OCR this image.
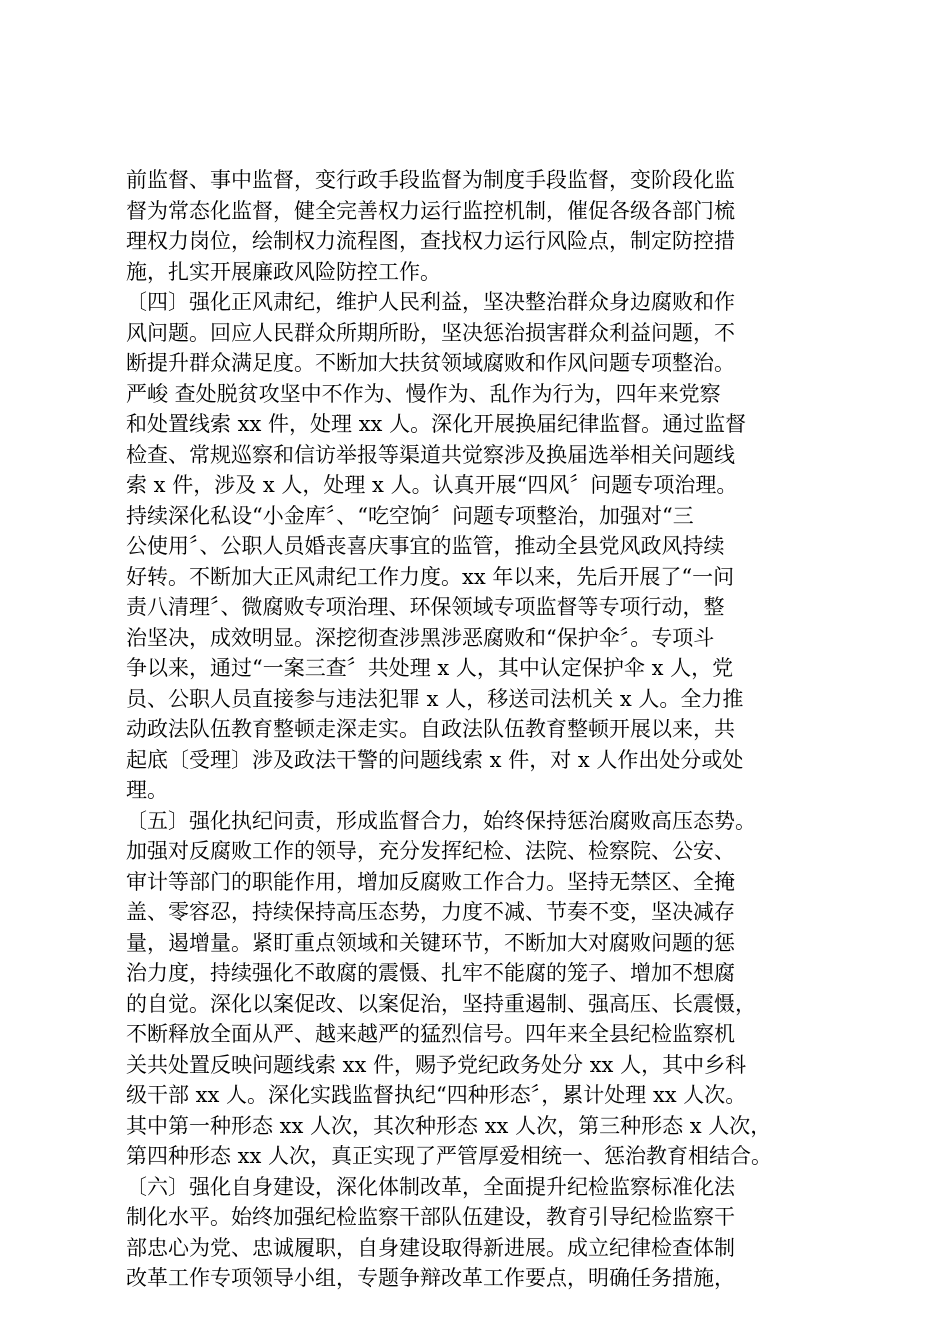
前监督、事中监督，变行政手段监督为制度手段监督，变阶段化监
督为常态化监督，健全完善权力运行监控机制，催促各级各部门梳
理权力岗位，绘制权力流程图，查找权力运行风险点，制定防控措
施，扎实开展廉政风险防控工作。
〔四〕强化正风肃纪，维护人民利益，坚决整治群众身边腐败和作
风问题。回应人民群众所期所盼，坚决惩治损害群众利益问题，不
断提升群众满足度。不断加大扶贫领域腐败和作风问题专项整治。
严峻 查处脱贫攻坚中不作为、慢作为、乱作为行为，四年来党察
和处置线索 xx 件，处理 xx 人。深化开展换届纪律监督。通过监督
检查、常规巡察和信访举报等渠道共觉察涉及换届选举相关问题线
索 x 件，涉及 x 人，处理 x 人。认真开展“四风〞问题专项治理。
持续深化私设“小金库〞、“吃空饷〞问题专项整治，加强对“三
公使用〞、公职人员婚丧喜庆事宜的监管，推动全县党风政风持续
好转。不断加大正风肃纪工作力度。xx 年以来，先后开展了“一问
责八清理〞、微腐败专项治理、环保领域专项监督等专项行动，整
治坚决，成效明显。深挖彻查涉黑涉恶腐败和“保护伞〞。专项斗
争以来，通过“一案三查〞共处理 x 人，其中认定保护伞 x 人，党
员、公职人员直接参与违法犯罪 x 人，移送司法机关 x 人。全力推
动政法队伍教育整顿走深走实。自政法队伍教育整顿开展以来，共
起底〔受理〕涉及政法干警的问题线索 x 件，对 x 人作出处分或处
理。
〔五〕强化执纪问责，形成监督合力，始终保持惩治腐败高压态势。
加强对反腐败工作的领导，充分发挥纪检、法院、检察院、公安、
审计等部门的职能作用，增加反腐败工作合力。坚持无禁区、全掩
盖、零容忍，持续保持高压态势，力度不减、节奏不变，坚决减存
量，遏增量。紧盯重点领域和关键环节，不断加大对腐败问题的惩
治力度，持续强化不敢腐的震慑、扎牢不能腐的笼子、增加不想腐
的自觉。深化以案促改、以案促治，坚持重遏制、强高压、长震慑，
不断释放全面从严、越来越严的猛烈信号。四年来全县纪检监察机
关共处置反映问题线索 xx 件，赐予党纪政务处分 xx 人，其中乡科
级干部 xx 人。深化实践监督执纪“四种形态〞，累计处理 xx 人次。
其中第一种形态 xx 人次，其次种形态 xx 人次，第三种形态 x 人次，
第四种形态 xx 人次，真正实现了严管厚爱相统一、惩治教育相结合。
〔六〕强化自身建设，深化体制改革，全面提升纪检监察标准化法
制化水平。始终加强纪检监察干部队伍建设，教育引导纪检监察干
部忠心为党、忠诚履职，自身建设取得新进展。成立纪律检查体制
改革工作专项领导小组，专题争辩改革工作要点，明确任务措施，
